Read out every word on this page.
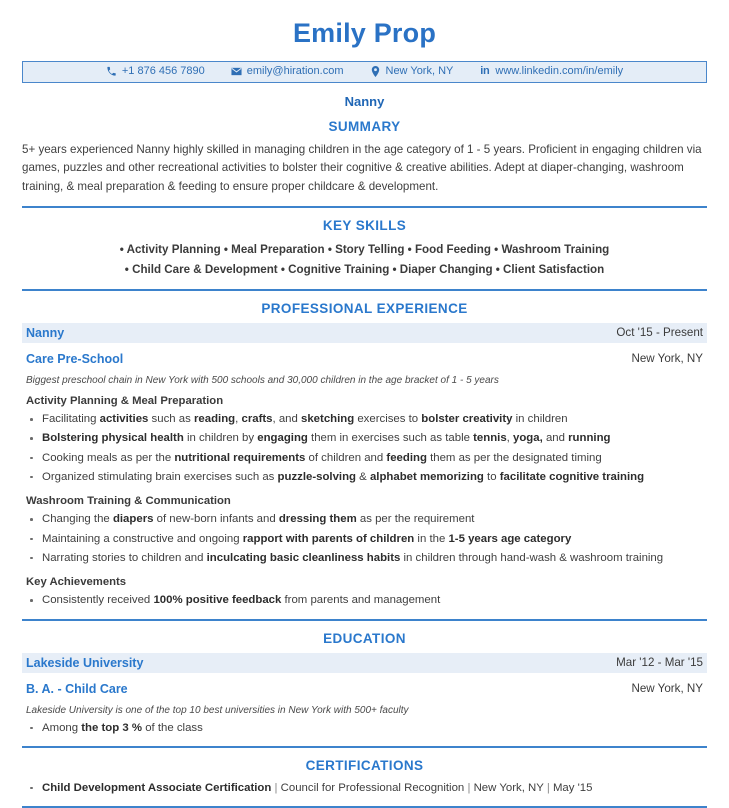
Emily Prop
+1 876 456 7890	emily@hiration.com	New York, NY in www.linkedin.com/in/emily
Nanny
SUMMARY
5+ years experienced Nanny highly skilled in managing children in the age category of 1 - 5 years. Proficient in engaging children via games, puzzles and other recreational activities to bolster their cognitive & creative abilities. Adept at diaper-changing, washroom training, & meal preparation & feeding to ensure proper childcare & development.
KEY SKILLS
• Activity Planning • Meal Preparation • Story Telling • Food Feeding • Washroom Training
• Child Care & Development • Cognitive Training • Diaper Changing • Client Satisfaction
PROFESSIONAL EXPERIENCE
Nanny	Oct '15 - Present
Care Pre-School	New York, NY
Biggest preschool chain in New York with 500 schools and 30,000 children in the age bracket of 1 - 5 years
Activity Planning & Meal Preparation
Facilitating activities such as reading, crafts, and sketching exercises to bolster creativity in children
Bolstering physical health in children by engaging them in exercises such as table tennis, yoga, and running
Cooking meals as per the nutritional requirements of children and feeding them as per the designated timing
Organized stimulating brain exercises such as puzzle-solving & alphabet memorizing to facilitate cognitive training
Washroom Training & Communication
Changing the diapers of new-born infants and dressing them as per the requirement
Maintaining a constructive and ongoing rapport with parents of children in the 1-5 years age category
Narrating stories to children and inculcating basic cleanliness habits in children through hand-wash & washroom training
Key Achievements
Consistently received 100% positive feedback from parents and management
EDUCATION
Lakeside University	Mar '12 - Mar '15
B. A. - Child Care	New York, NY
Lakeside University is one of the top 10 best universities in New York with 500+ faculty
Among the top 3 % of the class
CERTIFICATIONS
Child Development Associate Certification | Council for Professional Recognition | New York, NY | May '15
